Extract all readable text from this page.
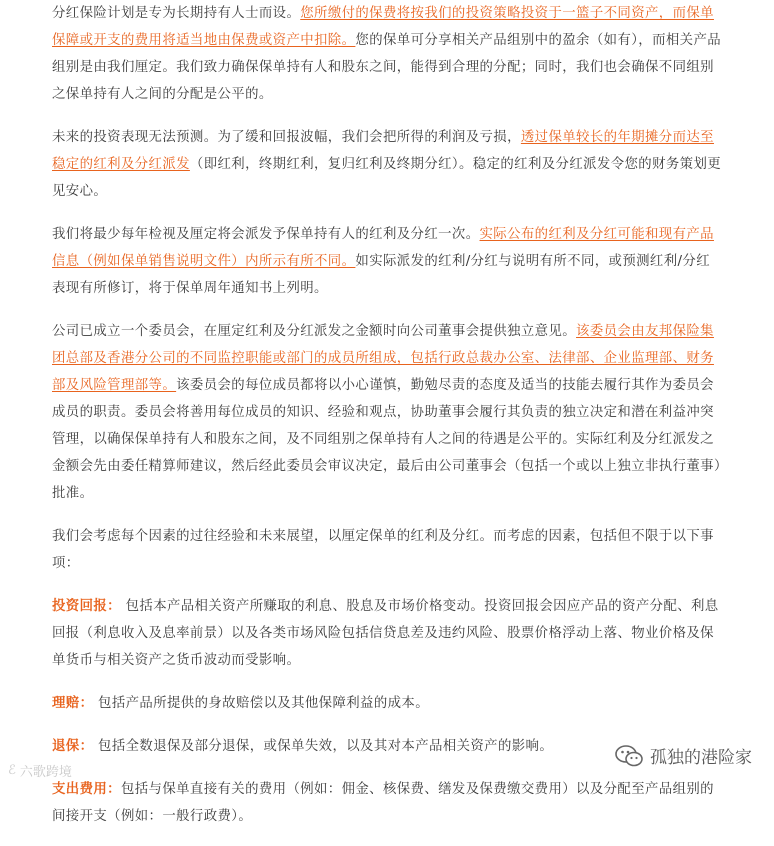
分红保险计划是专为长期持有人士而设。您所缴付的保费将按我们的投资策略投资于一篮子不同资产，而保单保障或开支的费用将适当地由保费或资产中扣除。您的保单可分享相关产品组别中的盈余（如有），而相关产品组别是由我们厘定。我们致力确保保单持有人和股东之间，能得到合理的分配；同时，我们也会确保不同组别之保单持有人之间的分配是公平的。

未来的投资表现无法预测。为了缓和回报波幅，我们会把所得的利润及亏损，透过保单较长的年期摊分而达至稳定的红利及分红派发（即红利，终期红利，复归红利及终期分红）。稳定的红利及分红派发令您的财务策划更见安心。

我们将最少每年检视及厘定将会派发予保单持有人的红利及分红一次。实际公布的红利及分红可能和现有产品信息（例如保单销售说明文件）内所示有所不同。如实际派发的红利/分红与说明有所不同，或预测红利/分红表现有所修订，将于保单周年通知书上列明。

公司已成立一个委员会，在厘定红利及分红派发之金额时向公司董事会提供独立意见。该委员会由友邦保险集团总部及香港分公司的不同监控职能或部门的成员所组成，包括行政总裁办公室、法律部、企业监理部、财务部及风险管理部等。该委员会的每位成员都将以小心谨慎，勤勉尽责的态度及适当的技能去履行其作为委员会成员的职责。委员会将善用每位成员的知识、经验和观点，协助董事会履行其负责的独立决定和潜在利益冲突管理，以确保保单持有人和股东之间，及不同组别之保单持有人之间的待遇是公平的。实际红利及分红派发之金额会先由委任精算师建议，然后经此委员会审议决定，最后由公司董事会（包括一个或以上独立非执行董事）批准。

我们会考虑每个因素的过往经验和未来展望，以厘定保单的红利及分红。而考虑的因素，包括但不限于以下事项：

投资回报： 包括本产品相关资产所赚取的利息、股息及市场价格变动。投资回报会因应产品的资产分配、利息回报（利息收入及息率前景）以及各类市场风险包括信贷息差及违约风险、股票价格浮动上落、物业价格及保单货币与相关资产之货币波动而受影响。

理赔： 包括产品所提供的身故赔偿以及其他保障利益的成本。

退保： 包括全数退保及部分退保，或保单失效，以及其对本产品相关资产的影响。

支出费用：包括与保单直接有关的费用（例如：佣金、核保费、缮发及保费缴交费用）以及分配至产品组别的间接开支（例如：一般行政费）。

ℰ 六歌跨境
孤独的港险家
